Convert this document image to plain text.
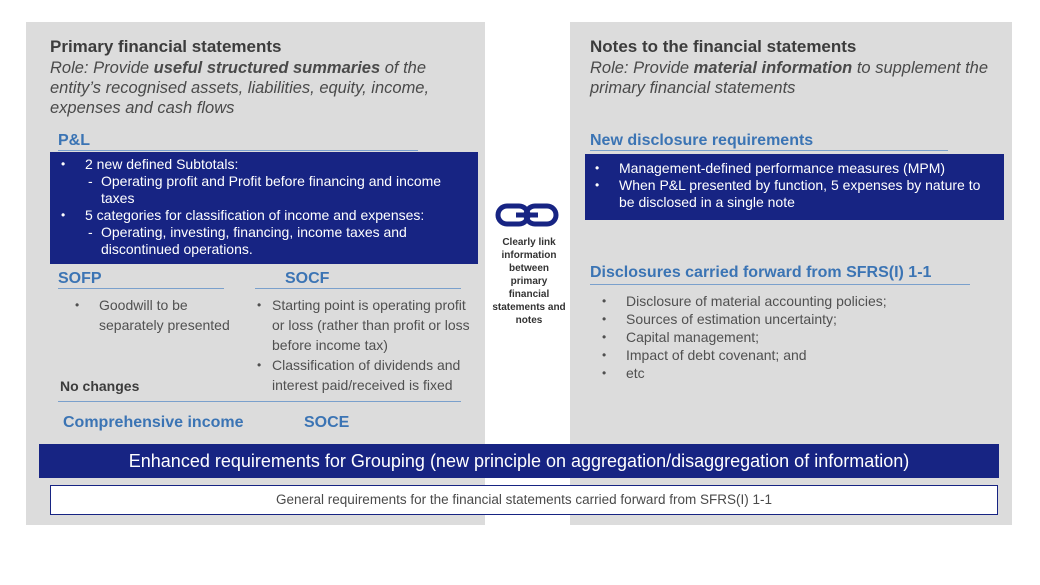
Primary financial statements
Role: Provide useful structured summaries of the entity’s recognised assets, liabilities, equity, income, expenses and cash flows
P&L
• 2 new defined Subtotals:
- Operating profit and Profit before financing and income taxes
• 5 categories for classification of income and expenses:
- Operating, investing, financing, income taxes and discontinued operations.
SOFP
• Goodwill to be separately presented
SOCF
• Starting point is operating profit or loss (rather than profit or loss before income tax)
• Classification of dividends and interest paid/received is fixed
No changes
Comprehensive income	SOCE
Clearly link information between primary financial statements and notes
Notes to the financial statements
Role: Provide material information to supplement the primary financial statements
New disclosure requirements
• Management-defined performance measures (MPM)
• When P&L presented by function, 5 expenses by nature to be disclosed in a single note
Disclosures carried forward from SFRS(I) 1-1
• Disclosure of material accounting policies;
• Sources of estimation uncertainty;
• Capital management;
• Impact of debt covenant; and
• etc
Enhanced requirements for Grouping (new principle on aggregation/disaggregation of information)
General requirements for the financial statements carried forward from SFRS(I) 1-1
